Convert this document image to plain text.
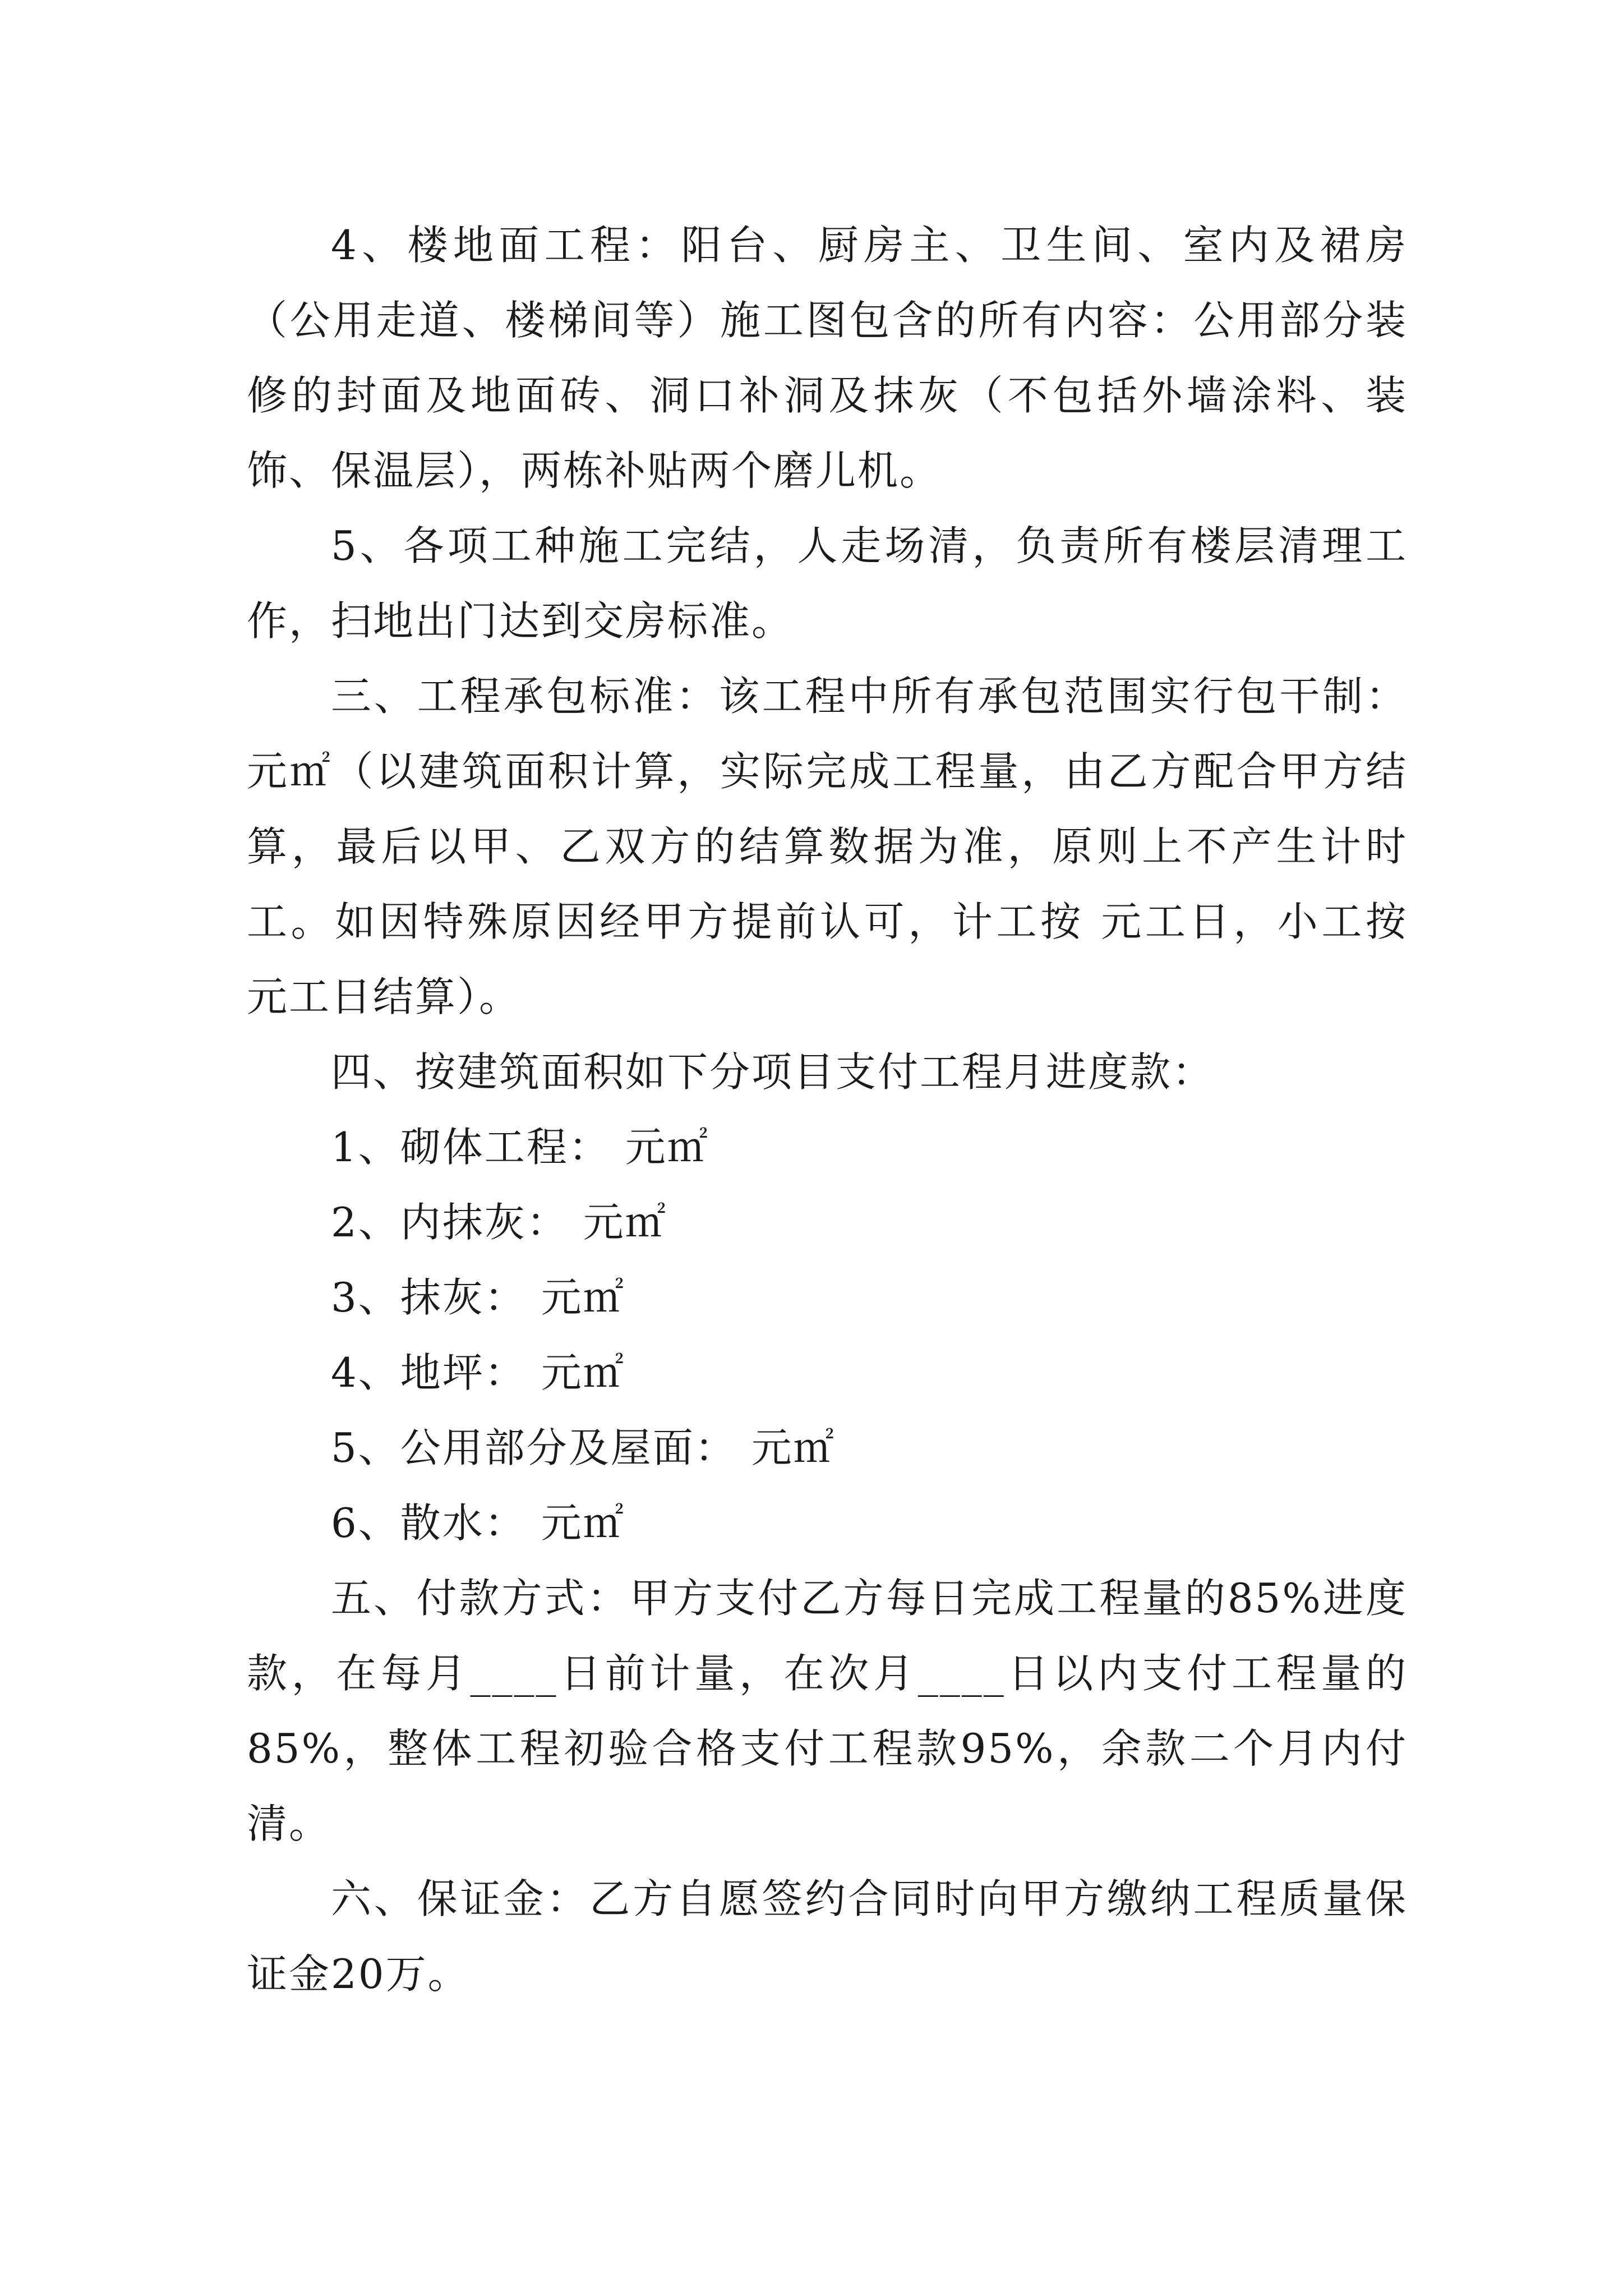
4、楼地面工程：阳台、厨房主、卫生间、室内及裙房（公用走道、楼梯间等）施工图包含的所有内容：公用部分装修的封面及地面砖、洞口补洞及抹灰（不包括外墙涂料、装饰、保温层），两栋补贴两个磨儿机。

5、各项工种施工完结，人走场清，负责所有楼层清理工作，扫地出门达到交房标准。

三、工程承包标准：该工程中所有承包范围实行包干制：元㎡（以建筑面积计算，实际完成工程量，由乙方配合甲方结算，最后以甲、乙双方的结算数据为准，原则上不产生计时工。如因特殊原因经甲方提前认可，计工按 元工日，小工按 元工日结算）。

四、按建筑面积如下分项目支付工程月进度款：

1、砌体工程： 元㎡

2、内抹灰： 元㎡

3、抹灰： 元㎡

4、地坪： 元㎡

5、公用部分及屋面： 元㎡

6、散水： 元㎡

五、付款方式：甲方支付乙方每日完成工程量的85%进度款，在每月____日前计量，在次月____日以内支付工程量的85%，整体工程初验合格支付工程款95%，余款二个月内付清。

六、保证金：乙方自愿签约合同时向甲方缴纳工程质量保证金20万。
